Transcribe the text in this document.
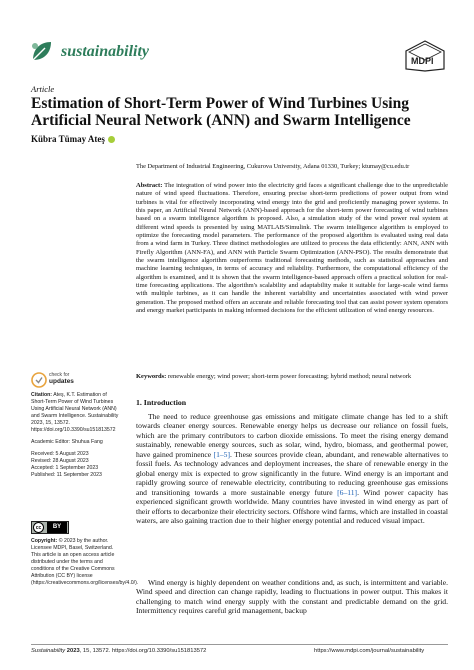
sustainability
MDPI
Article
Estimation of Short-Term Power of Wind Turbines Using Artificial Neural Network (ANN) and Swarm Intelligence
Kübra Tümay Ateş
The Department of Industrial Engineering, Cukurova University, Adana 01330, Turkey; ktumay@cu.edu.tr

Abstract: The integration of wind power into the electricity grid faces a significant challenge due to the unpredictable nature of wind speed fluctuations. Therefore, ensuring precise short-term predictions of power output from wind turbines is vital for effectively incorporating wind energy into the grid and proficiently managing power systems. In this paper, an Artificial Neural Network (ANN)-based approach for the short-term power forecasting of wind turbines based on a swarm intelligence algorithm is proposed. Also, a simulation study of the wind power real system at different wind speeds is presented by using MATLAB/Simulink. The swarm intelligence algorithm is employed to optimize the forecasting model parameters. The performance of the proposed algorithm is evaluated using real data from a wind farm in Turkey. Three distinct methodologies are utilized to process the data efficiently: ANN, ANN with Firefly Algorithm (ANN-FA), and ANN with Particle Swarm Optimization (ANN-PSO). The results demonstrate that the swarm intelligence algorithm outperforms traditional forecasting methods, such as statistical approaches and machine learning techniques, in terms of accuracy and reliability. Furthermore, the computational efficiency of the algorithm is examined, and it is shown that the swarm intelligence-based approach offers a practical solution for real-time forecasting applications. The algorithm's scalability and adaptability make it suitable for large-scale wind farms with multiple turbines, as it can handle the inherent variability and uncertainties associated with wind power generation. The proposed method offers an accurate and reliable forecasting tool that can assist power system operators and energy market participants in making informed decisions for the efficient utilization of wind energy resources.

Keywords: renewable energy; wind power; short-term power forecasting; hybrid method; neural network

1. Introduction

The need to reduce greenhouse gas emissions and mitigate climate change has led to a shift towards cleaner energy sources. Renewable energy helps us decrease our reliance on fossil fuels, which are the primary contributors to carbon dioxide emissions. To meet the rising energy demand sustainably, renewable energy sources, such as solar, wind, hydro, biomass, and geothermal power, have gained prominence [1–5]. These sources provide clean, abundant, and renewable alternatives to fossil fuels. As technology advances and deployment increases, the share of renewable energy in the global energy mix is expected to grow significantly in the future. Wind energy is an important and rapidly growing source of renewable electricity, contributing to reducing greenhouse gas emissions and transitioning towards a more sustainable energy future [6–11]. Wind power capacity has experienced significant growth worldwide. Many countries have invested in wind energy as part of their efforts to decarbonize their electricity sectors. Offshore wind farms, which are installed in coastal waters, are also gaining traction due to their higher energy potential and reduced visual impact.

Wind energy is highly dependent on weather conditions and, as such, is intermittent and variable. Wind speed and direction can change rapidly, leading to fluctuations in power output. This makes it challenging to match wind energy supply with the constant and predictable demand on the grid. Intermittency requires careful grid management, backup

check for
updates

Citation: Ateş, K.T. Estimation of Short-Term Power of Wind Turbines Using Artificial Neural Network (ANN) and Swarm Intelligence. Sustainability 2023, 15, 13572. https://doi.org/10.3390/su151813572

Academic Editor: Shuhua Fang

Received: 5 August 2023

Revised: 28 August 2023

Accepted: 1 September 2023

Published: 11 September 2023

cc	BY

Copyright: © 2023 by the author. Licensee MDPI, Basel, Switzerland. This article is an open access article distributed under the terms and conditions of the Creative Commons Attribution (CC BY) license (https://creativecommons.org/licenses/by/4.0/).

Sustainability 2023, 15, 13572. https://doi.org/10.3390/su151813572	https://www.mdpi.com/journal/sustainability
